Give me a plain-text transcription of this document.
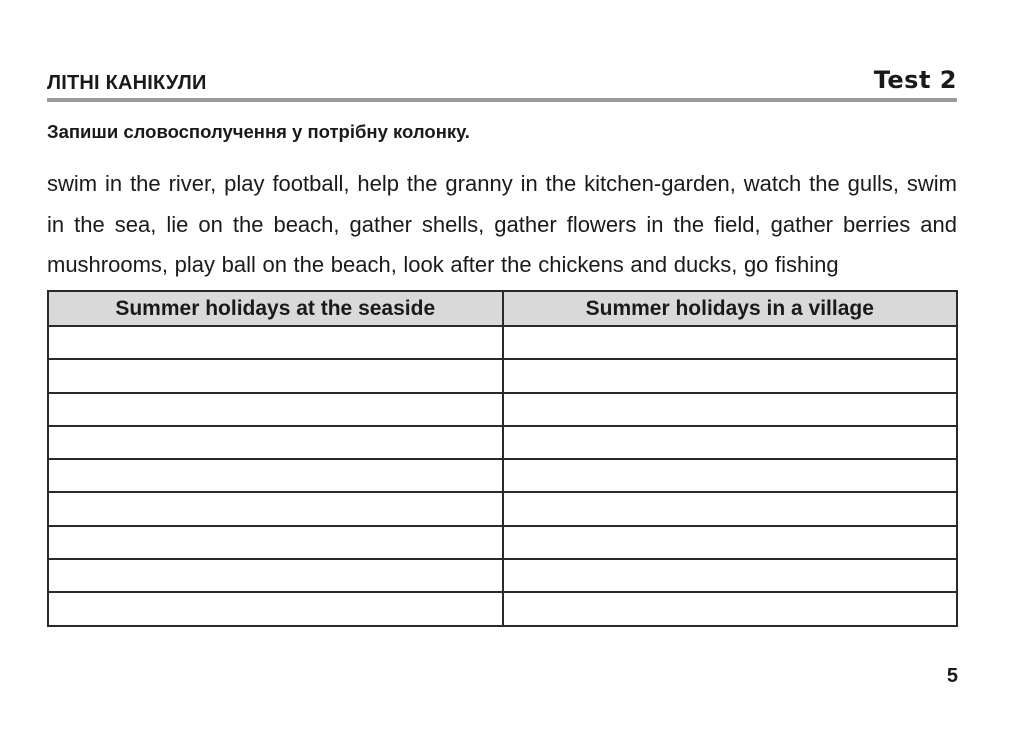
ЛІТНІ КАНІКУЛИ	Test 2
Запиши словосполучення у потрібну колонку.
swim in the river, play football, help the granny in the kitchen-garden, watch the gulls, swim in the sea, lie on the beach, gather shells, gather flowers in the field, gather berries and mushrooms, play ball on the beach, look after the chickens and ducks, go fishing
Summer holidays at the seaside	Summer holidays in a village

5
